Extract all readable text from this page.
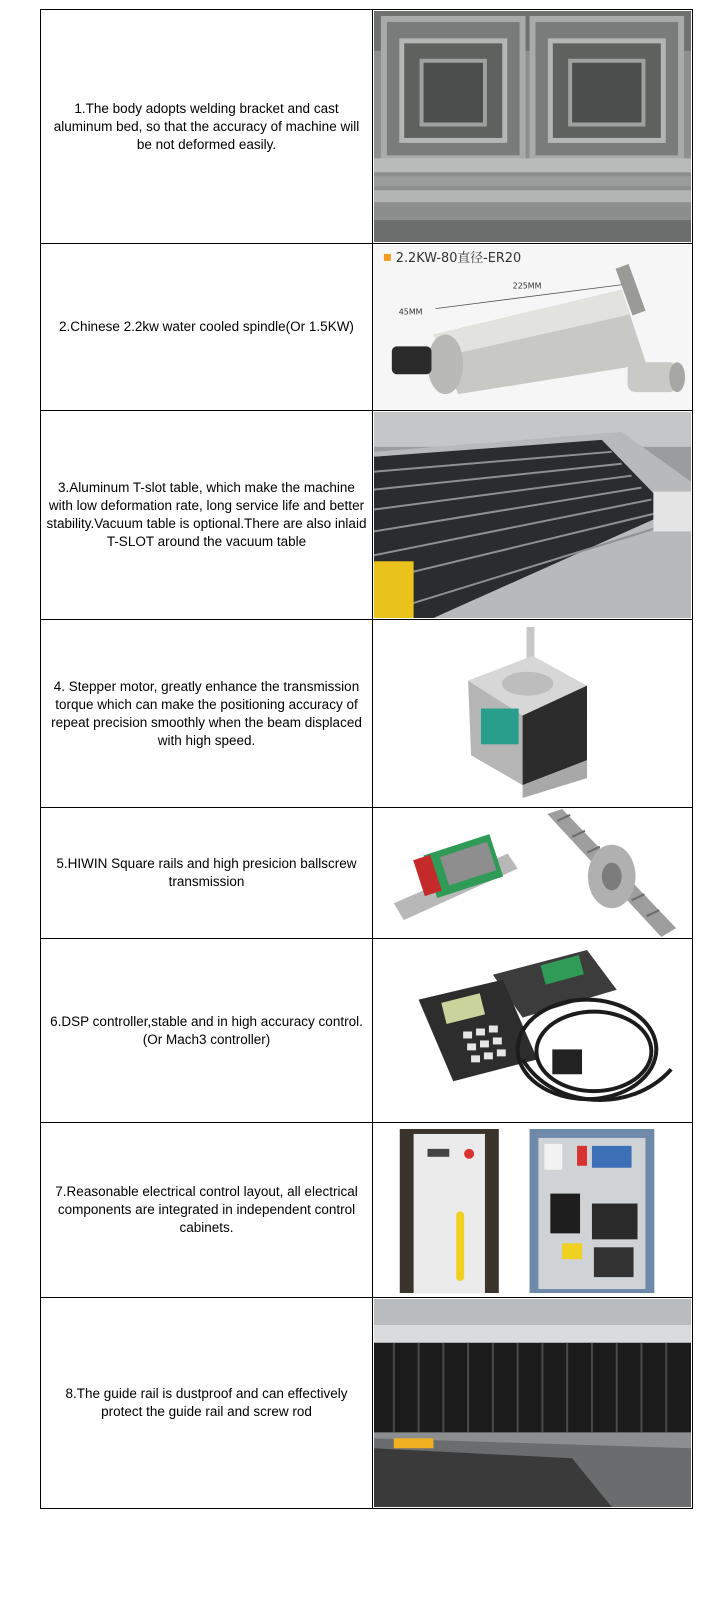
1.The body adopts welding bracket and cast aluminum bed, so that the accuracy of machine will be not deformed easily.	

2.Chinese 2.2kw water cooled spindle(Or 1.5KW)	2.2KW-80直径-ER20
225MM
45MM

3.Aluminum T-slot table, which make the machine with low deformation rate, long service life and better stability.Vacuum table is optional.There are also inlaid T-SLOT around the vacuum table	

4. Stepper motor, greatly enhance the transmission torque which can make the positioning accuracy of repeat precision smoothly when the beam displaced with high speed.	

5.HIWIN Square rails and high presicion ballscrew transmission	

6.DSP controller,stable and in high accuracy control.(Or Mach3 controller)	

7.Reasonable electrical control layout, all electrical components are integrated in independent control cabinets.	

8.The guide rail is dustproof and can effectively protect the guide rail and screw rod	
